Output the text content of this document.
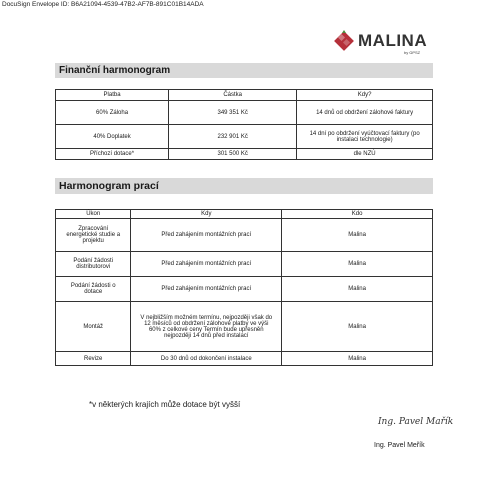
DocuSign Envelope ID: B6A21094-4539-47B2-AF7B-891C01B14ADA
MALINA
by ΩPSZ
Finanční harmonogram
Platba	Částka	Kdy?
60% Záloha	349 351 Kč	14 dnů od obdržení zálohové faktury
40% Doplatek	232 901 Kč	14 dní po obdržení vyúčtovací faktury (po instalaci technologie)
Příchozí dotace*	301 500 Kč	dle NZÚ
Harmonogram prací
Úkon	Kdy	Kdo
Zpracování energetické studie a projektu	Před zahájením montážních prací	Malina
Podání žádosti distributorovi	Před zahájením montážních prací	Malina
Podání žádosti o dotace	Před zahájením montážních prací	Malina
Montáž	V nejbližším možném termínu, nejpozději však do 12 měsíců od obdržení zálohové platby ve výši 60% z celkové ceny Termín bude upřesněn nejpozději 14 dnů před instalací	Malina
Revize	Do 30 dnů od dokončení instalace	Malina
*v některých krajích může dotace být vyšší
Ing. Pavel Mařík
Ing. Pavel Meřík
